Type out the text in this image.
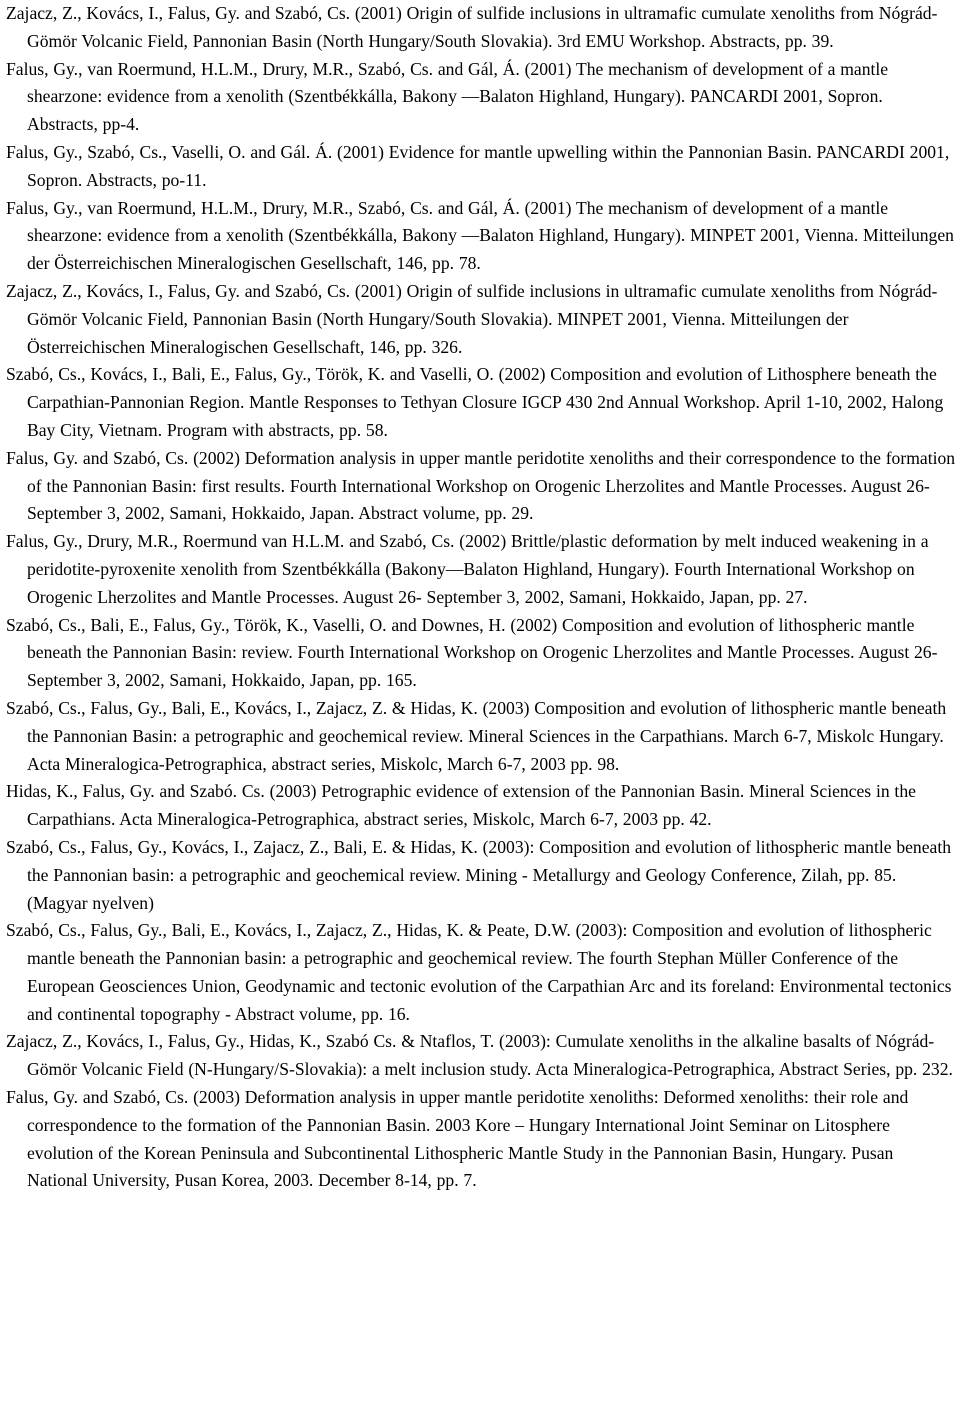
Zajacz, Z., Kovács, I., Falus, Gy. and Szabó, Cs. (2001) Origin of sulfide inclusions in ultramafic cumulate xenoliths from Nógrád-Gömör Volcanic Field, Pannonian Basin (North Hungary/South Slovakia). 3rd EMU Workshop. Abstracts, pp. 39.

Falus, Gy., van Roermund, H.L.M., Drury, M.R., Szabó, Cs. and Gál, Á. (2001) The mechanism of development of a mantle shearzone: evidence from a xenolith (Szentbékkálla, Bakony —Balaton Highland, Hungary). PANCARDI 2001, Sopron. Abstracts, pp-4.

Falus, Gy., Szabó, Cs., Vaselli, O. and Gál. Á. (2001) Evidence for mantle upwelling within the Pannonian Basin. PANCARDI 2001, Sopron. Abstracts, po-11.

Falus, Gy., van Roermund, H.L.M., Drury, M.R., Szabó, Cs. and Gál, Á. (2001) The mechanism of development of a mantle shearzone: evidence from a xenolith (Szentbékkálla, Bakony —Balaton Highland, Hungary). MINPET 2001, Vienna. Mitteilungen der Österreichischen Mineralogischen Gesellschaft, 146, pp. 78.

Zajacz, Z., Kovács, I., Falus, Gy. and Szabó, Cs. (2001) Origin of sulfide inclusions in ultramafic cumulate xenoliths from Nógrád-Gömör Volcanic Field, Pannonian Basin (North Hungary/South Slovakia). MINPET 2001, Vienna. Mitteilungen der Österreichischen Mineralogischen Gesellschaft, 146, pp. 326.

Szabó, Cs., Kovács, I., Bali, E., Falus, Gy., Török, K. and Vaselli, O. (2002) Composition and evolution of Lithosphere beneath the Carpathian-Pannonian Region. Mantle Responses to Tethyan Closure IGCP 430 2nd Annual Workshop. April 1-10, 2002, Halong Bay City, Vietnam. Program with abstracts, pp. 58.

Falus, Gy. and Szabó, Cs. (2002) Deformation analysis in upper mantle peridotite xenoliths and their correspondence to the formation of the Pannonian Basin: first results. Fourth International Workshop on Orogenic Lherzolites and Mantle Processes. August 26- September 3, 2002, Samani, Hokkaido, Japan. Abstract volume, pp. 29.

Falus, Gy., Drury, M.R., Roermund van H.L.M. and Szabó, Cs. (2002) Brittle/plastic deformation by melt induced weakening in a peridotite-pyroxenite xenolith from Szentbékkálla (Bakony—Balaton Highland, Hungary). Fourth International Workshop on Orogenic Lherzolites and Mantle Processes. August 26- September 3, 2002, Samani, Hokkaido, Japan, pp. 27.

Szabó, Cs., Bali, E., Falus, Gy., Török, K., Vaselli, O. and Downes, H. (2002) Composition and evolution of lithospheric mantle beneath the Pannonian Basin: review. Fourth International Workshop on Orogenic Lherzolites and Mantle Processes. August 26- September 3, 2002, Samani, Hokkaido, Japan, pp. 165.

Szabó, Cs., Falus, Gy., Bali, E., Kovács, I., Zajacz, Z. & Hidas, K. (2003) Composition and evolution of lithospheric mantle beneath the Pannonian Basin: a petrographic and geochemical review. Mineral Sciences in the Carpathians. March 6-7, Miskolc Hungary. Acta Mineralogica-Petrographica, abstract series, Miskolc, March 6-7, 2003 pp. 98.

Hidas, K., Falus, Gy. and Szabó. Cs. (2003) Petrographic evidence of extension of the Pannonian Basin. Mineral Sciences in the Carpathians. Acta Mineralogica-Petrographica, abstract series, Miskolc, March 6-7, 2003 pp. 42.

Szabó, Cs., Falus, Gy., Kovács, I., Zajacz, Z., Bali, E. & Hidas, K. (2003): Composition and evolution of lithospheric mantle beneath the Pannonian basin: a petrographic and geochemical review. Mining - Metallurgy and Geology Conference, Zilah, pp. 85. (Magyar nyelven)

Szabó, Cs., Falus, Gy., Bali, E., Kovács, I., Zajacz, Z., Hidas, K. & Peate, D.W. (2003): Composition and evolution of lithospheric mantle beneath the Pannonian basin: a petrographic and geochemical review. The fourth Stephan Müller Conference of the European Geosciences Union, Geodynamic and tectonic evolution of the Carpathian Arc and its foreland: Environmental tectonics and continental topography - Abstract volume, pp. 16.

Zajacz, Z., Kovács, I., Falus, Gy., Hidas, K., Szabó Cs. & Ntaflos, T. (2003): Cumulate xenoliths in the alkaline basalts of Nógrád-Gömör Volcanic Field (N-Hungary/S-Slovakia): a melt inclusion study. Acta Mineralogica-Petrographica, Abstract Series, pp. 232.

Falus, Gy. and Szabó, Cs. (2003) Deformation analysis in upper mantle peridotite xenoliths: Deformed xenoliths: their role and correspondence to the formation of the Pannonian Basin. 2003 Kore – Hungary International Joint Seminar on Litosphere evolution of the Korean Peninsula and Subcontinental Lithospheric Mantle Study in the Pannonian Basin, Hungary. Pusan National University, Pusan Korea, 2003. December 8-14, pp. 7.
